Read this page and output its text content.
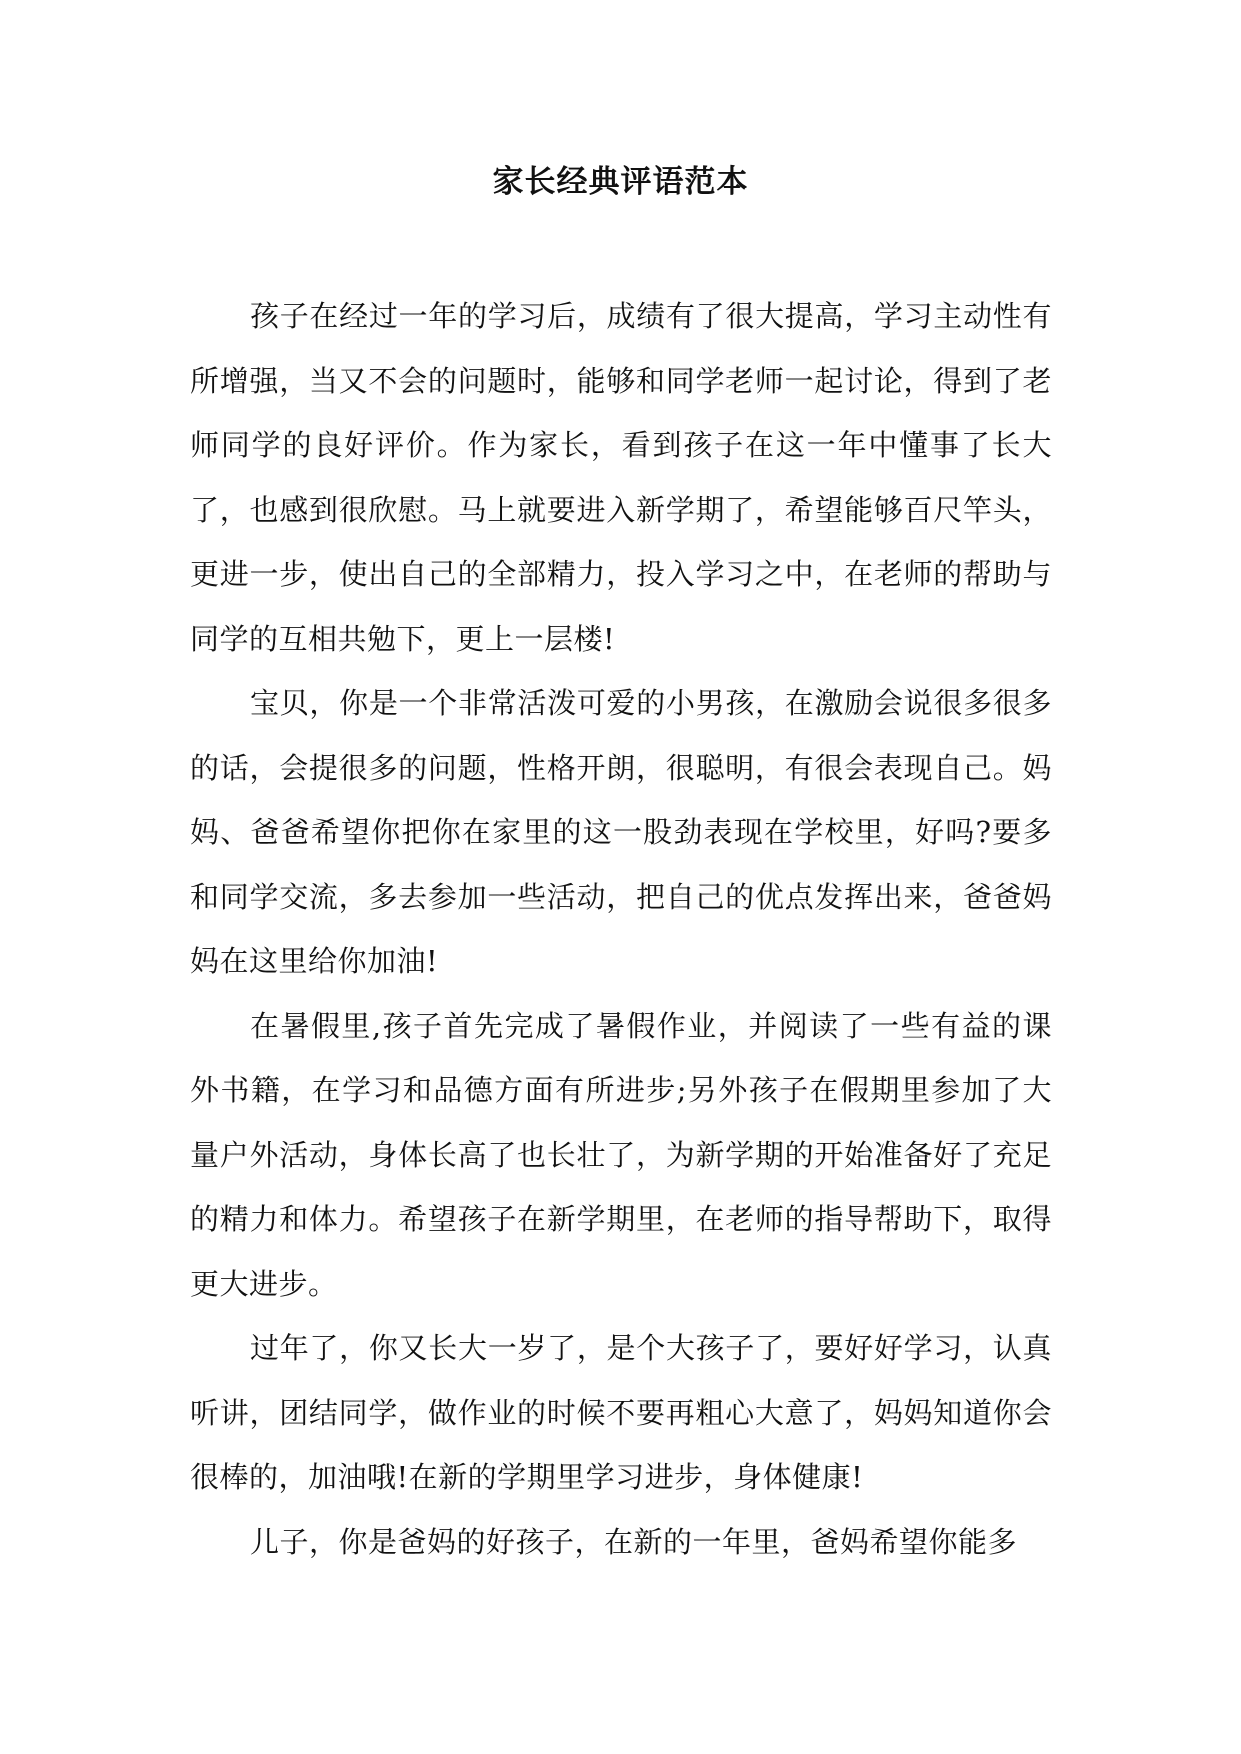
家长经典评语范本

孩子在经过一年的学习后，成绩有了很大提高，学习主动性有所增强，当又不会的问题时，能够和同学老师一起讨论，得到了老师同学的良好评价。作为家长，看到孩子在这一年中懂事了长大了，也感到很欣慰。马上就要进入新学期了，希望能够百尺竿头，更进一步，使出自己的全部精力，投入学习之中，在老师的帮助与同学的互相共勉下，更上一层楼!

宝贝，你是一个非常活泼可爱的小男孩，在激励会说很多很多的话，会提很多的问题，性格开朗，很聪明，有很会表现自己。妈妈、爸爸希望你把你在家里的这一股劲表现在学校里，好吗?要多和同学交流，多去参加一些活动，把自己的优点发挥出来，爸爸妈妈在这里给你加油!

在暑假里,孩子首先完成了暑假作业，并阅读了一些有益的课外书籍，在学习和品德方面有所进步;另外孩子在假期里参加了大量户外活动，身体长高了也长壮了，为新学期的开始准备好了充足的精力和体力。希望孩子在新学期里，在老师的指导帮助下，取得更大进步。

过年了，你又长大一岁了，是个大孩子了，要好好学习，认真听讲，团结同学，做作业的时候不要再粗心大意了，妈妈知道你会很棒的，加油哦!在新的学期里学习进步，身体健康!

儿子，你是爸妈的好孩子，在新的一年里，爸妈希望你能多
